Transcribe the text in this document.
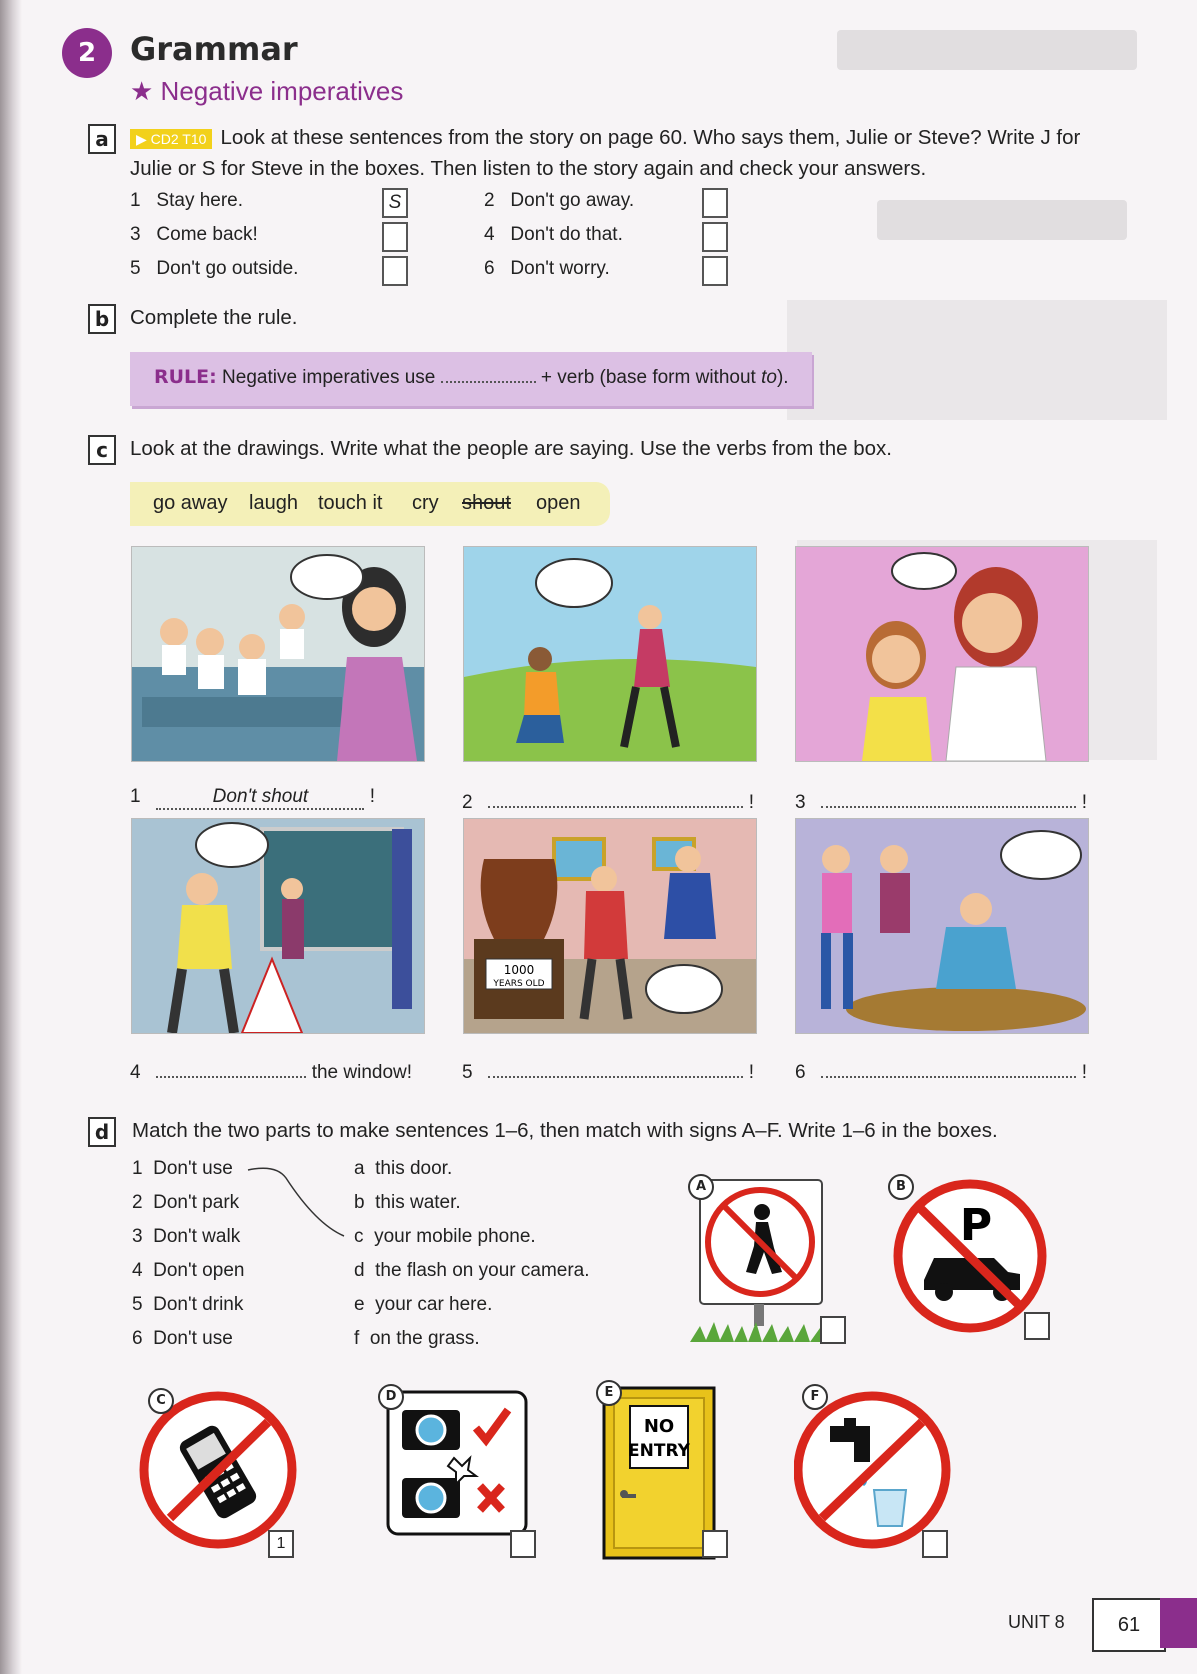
2	Grammar
★ Negative imperatives
a	▶ CD2 T10 Look at these sentences from the story on page 60. Who says them, Julie or Steve? Write J for Julie or S for Steve in the boxes. Then listen to the story again and check your answers.
1 Stay here.	S
3 Come back!
5 Don't go outside.
2 Don't go away.
4 Don't do that.
6 Don't worry.
b	Complete the rule.
RULE: Negative imperatives use	+ verb (base form without to).
c	Look at the drawings. Write what the people are saying. Use the verbs from the box.
go away laugh touch it cry shout open
1	Don't shout	!	2	! 3	!
1000
YEARS OLD
4	the window!	5	! 6	!
d	Match the two parts to make sentences 1–6, then match with signs A–F. Write 1–6 in the boxes.
1 Don't use
2 Don't park
3 Don't walk
4 Don't open
5 Don't drink
6 Don't use
a this door.
b this water.
c your mobile phone.
d the flash on your camera.
e your car here.
f on the grass.
A
P
B
C
1
D
NO
ENTRY
E	F
UNIT 8	61
